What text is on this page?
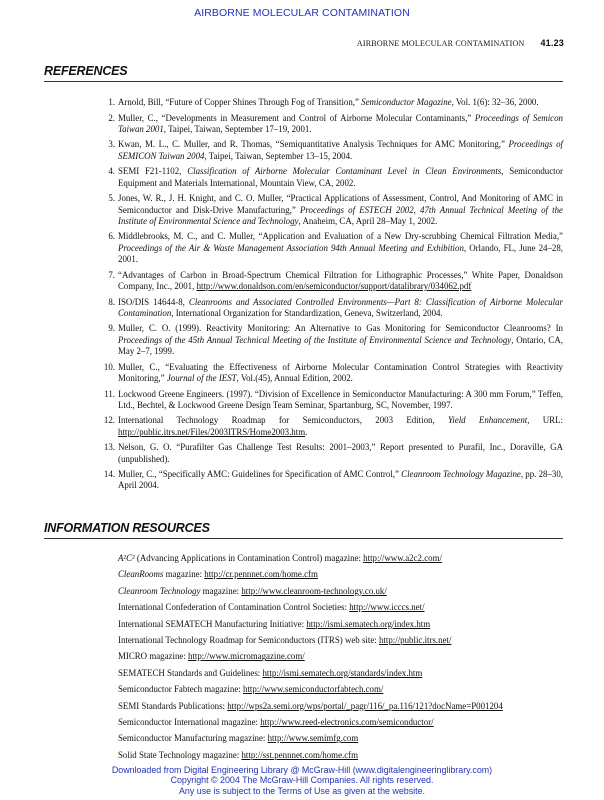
AIRBORNE MOLECULAR CONTAMINATION
AIRBORNE MOLECULAR CONTAMINATION 41.23
REFERENCES
1. Arnold, Bill, “Future of Copper Shines Through Fog of Transition,” Semiconductor Magazine, Vol. 1(6): 32–36, 2000.
2. Muller, C., “Developments in Measurement and Control of Airborne Molecular Contaminants,” Proceedings of Semicon Taiwan 2001, Taipei, Taiwan, September 17–19, 2001.
3. Kwan, M. L., C. Muller, and R. Thomas, “Semiquantitative Analysis Techniques for AMC Monitoring,” Proceedings of SEMICON Taiwan 2004, Taipei, Taiwan, September 13–15, 2004.
4. SEMI F21-1102, Classification of Airborne Molecular Contaminant Level in Clean Environments, Semiconductor Equipment and Materials International, Mountain View, CA, 2002.
5. Jones, W. R., J. H. Knight, and C. O. Muller, “Practical Applications of Assessment, Control, And Monitoring of AMC in Semiconductor and Disk-Drive Manufacturing,” Proceedings of ESTECH 2002, 47th Annual Technical Meeting of the Institute of Environmental Science and Technology, Anaheim, CA, April 28–May 1, 2002.
6. Middlebrooks, M. C., and C. Muller, “Application and Evaluation of a New Dry-scrubbing Chemical Filtration Media,” Proceedings of the Air & Waste Management Association 94th Annual Meeting and Exhibition, Orlando, FL, June 24–28, 2001.
7. “Advantages of Carbon in Broad-Spectrum Chemical Filtration for Lithographic Processes,” White Paper, Donaldson Company, Inc., 2001, http://www.donaldson.com/en/semiconductor/support/datalibrary/034062.pdf
8. ISO/DIS 14644-8, Cleanrooms and Associated Controlled Environments—Part 8: Classification of Airborne Molecular Contamination, International Organization for Standardization, Geneva, Switzerland, 2004.
9. Muller, C. O. (1999). Reactivity Monitoring: An Alternative to Gas Monitoring for Semiconductor Cleanrooms? In Proceedings of the 45th Annual Technical Meeting of the Institute of Environmental Science and Technology, Ontario, CA, May 2–7, 1999.
10. Muller, C., “Evaluating the Effectiveness of Airborne Molecular Contamination Control Strategies with Reactivity Monitoring,” Journal of the IEST, Vol.(45), Annual Edition, 2002.
11. Lockwood Greene Engineers. (1997). “Division of Excellence in Semiconductor Manufacturing: A 300 mm Forum,” Teffen, Ltd., Bechtel, & Lockwood Greene Design Team Seminar, Spartanburg, SC, November, 1997.
12. International Technology Roadmap for Semiconductors, 2003 Edition, Yield Enhancement, URL: http://public.itrs.net/Files/2003ITRS/Home2003.htm.
13. Nelson, G. O. “Purafilter Gas Challenge Test Results: 2001–2003,” Report presented to Purafil, Inc., Doraville, GA (unpublished).
14. Muller, C., “Specifically AMC: Guidelines for Specification of AMC Control,” Cleanroom Technology Magazine, pp. 28–30, April 2004.
INFORMATION RESOURCES
A²C² (Advancing Applications in Contamination Control) magazine: http://www.a2c2.com/
CleanRooms magazine: http://cr.pennnet.com/home.cfm
Cleanroom Technology magazine: http://www.cleanroom-technology.co.uk/
International Confederation of Contamination Control Societies: http://www.icccs.net/
International SEMATECH Manufacturing Initiative: http://ismi.sematech.org/index.htm
International Technology Roadmap for Semiconductors (ITRS) web site: http://public.itrs.net/
MICRO magazine: http://www.micromagazine.com/
SEMATECH Standards and Guidelines: http://ismi.sematech.org/standards/index.htm
Semiconductor Fabtech magazine: http://www.semiconductorfabtech.com/
SEMI Standards Publications: http://wps2a.semi.org/wps/portal/_pagr/116/_pa.116/121?docName=P001204
Semiconductor International magazine: http://www.reed-electronics.com/semiconductor/
Semiconductor Manufacturing magazine: http://www.semimfg.com
Solid State Technology magazine: http://sst.pennnet.com/home.cfm
Downloaded from Digital Engineering Library @ McGraw-Hill (www.digitalengineeringlibrary.com)
Copyright © 2004 The McGraw-Hill Companies. All rights reserved.
Any use is subject to the Terms of Use as given at the website.
